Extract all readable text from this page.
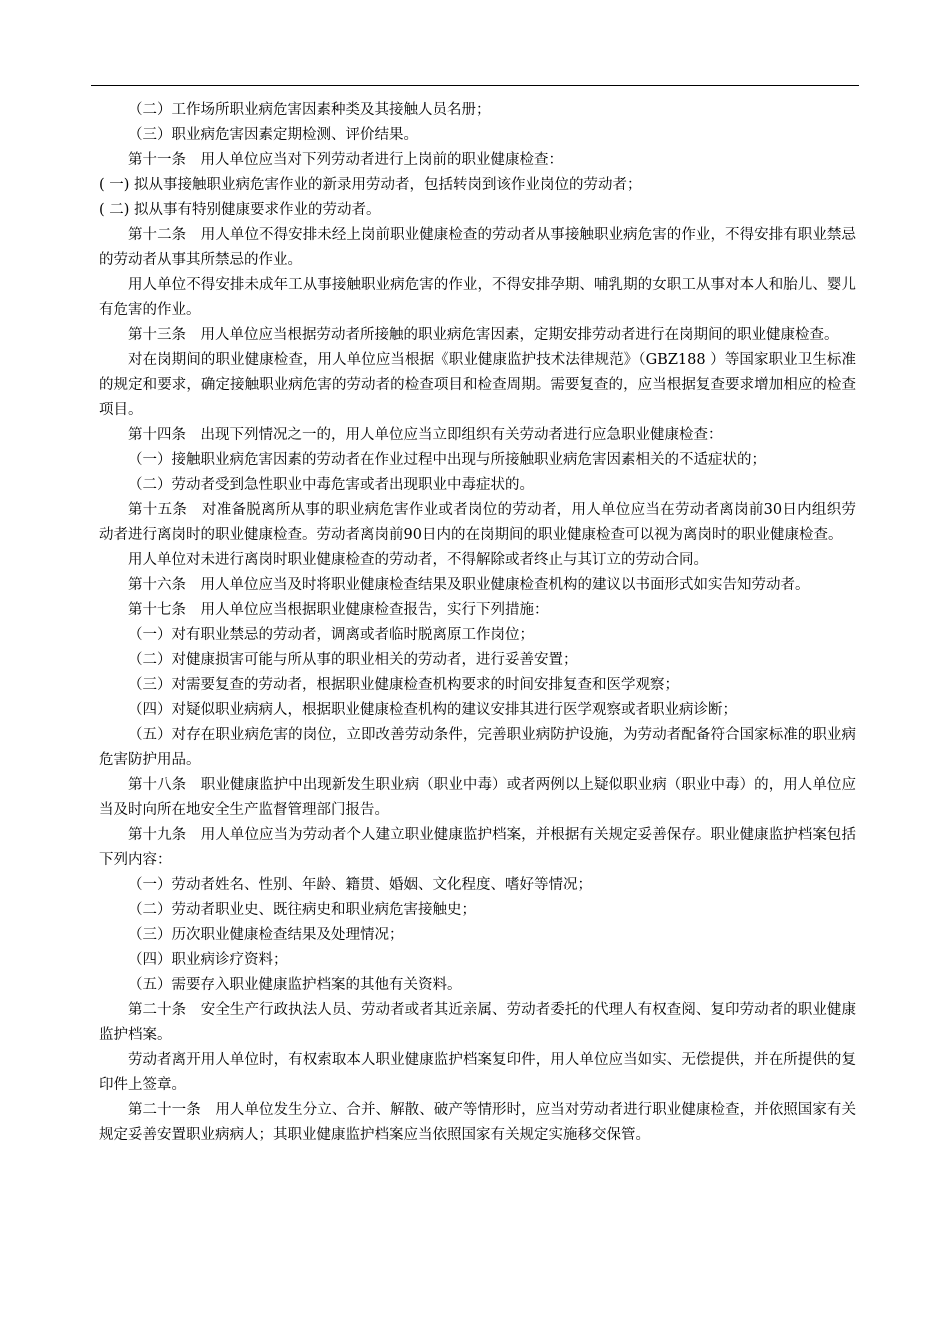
（二）工作场所职业病危害因素种类及其接触人员名册；

（三）职业病危害因素定期检测、评价结果。

第十一条　用人单位应当对下列劳动者进行上岗前的职业健康检查：

( 一) 拟从事接触职业病危害作业的新录用劳动者，包括转岗到该作业岗位的劳动者；

( 二) 拟从事有特别健康要求作业的劳动者。

第十二条　用人单位不得安排未经上岗前职业健康检查的劳动者从事接触职业病危害的作业，不得安排有职业禁忌的劳动者从事其所禁忌的作业。

用人单位不得安排未成年工从事接触职业病危害的作业，不得安排孕期、哺乳期的女职工从事对本人和胎儿、婴儿有危害的作业。

第十三条　用人单位应当根据劳动者所接触的职业病危害因素，定期安排劳动者进行在岗期间的职业健康检查。

对在岗期间的职业健康检查，用人单位应当根据《职业健康监护技术法律规范》（GBZ188 ）等国家职业卫生标准的规定和要求，确定接触职业病危害的劳动者的检查项目和检查周期。需要复查的，应当根据复查要求增加相应的检查项目。

第十四条　出现下列情况之一的，用人单位应当立即组织有关劳动者进行应急职业健康检查：

（一）接触职业病危害因素的劳动者在作业过程中出现与所接触职业病危害因素相关的不适症状的；

（二）劳动者受到急性职业中毒危害或者出现职业中毒症状的。

第十五条　对准备脱离所从事的职业病危害作业或者岗位的劳动者，用人单位应当在劳动者离岗前30日内组织劳动者进行离岗时的职业健康检查。劳动者离岗前90日内的在岗期间的职业健康检查可以视为离岗时的职业健康检查。

用人单位对未进行离岗时职业健康检查的劳动者，不得解除或者终止与其订立的劳动合同。

第十六条　用人单位应当及时将职业健康检查结果及职业健康检查机构的建议以书面形式如实告知劳动者。

第十七条　用人单位应当根据职业健康检查报告，实行下列措施：

（一）对有职业禁忌的劳动者，调离或者临时脱离原工作岗位；

（二）对健康损害可能与所从事的职业相关的劳动者，进行妥善安置；

（三）对需要复查的劳动者，根据职业健康检查机构要求的时间安排复查和医学观察；

（四）对疑似职业病病人，根据职业健康检查机构的建议安排其进行医学观察或者职业病诊断；

（五）对存在职业病危害的岗位，立即改善劳动条件，完善职业病防护设施，为劳动者配备符合国家标准的职业病危害防护用品。

第十八条　职业健康监护中出现新发生职业病（职业中毒）或者两例以上疑似职业病（职业中毒）的，用人单位应当及时向所在地安全生产监督管理部门报告。

第十九条　用人单位应当为劳动者个人建立职业健康监护档案，并根据有关规定妥善保存。职业健康监护档案包括下列内容：

（一）劳动者姓名、性别、年龄、籍贯、婚姻、文化程度、嗜好等情况；

（二）劳动者职业史、既往病史和职业病危害接触史；

（三）历次职业健康检查结果及处理情况；

（四）职业病诊疗资料；

（五）需要存入职业健康监护档案的其他有关资料。

第二十条　安全生产行政执法人员、劳动者或者其近亲属、劳动者委托的代理人有权查阅、复印劳动者的职业健康监护档案。

劳动者离开用人单位时，有权索取本人职业健康监护档案复印件，用人单位应当如实、无偿提供，并在所提供的复印件上签章。

第二十一条　用人单位发生分立、合并、解散、破产等情形时，应当对劳动者进行职业健康检查，并依照国家有关规定妥善安置职业病病人；其职业健康监护档案应当依照国家有关规定实施移交保管。
